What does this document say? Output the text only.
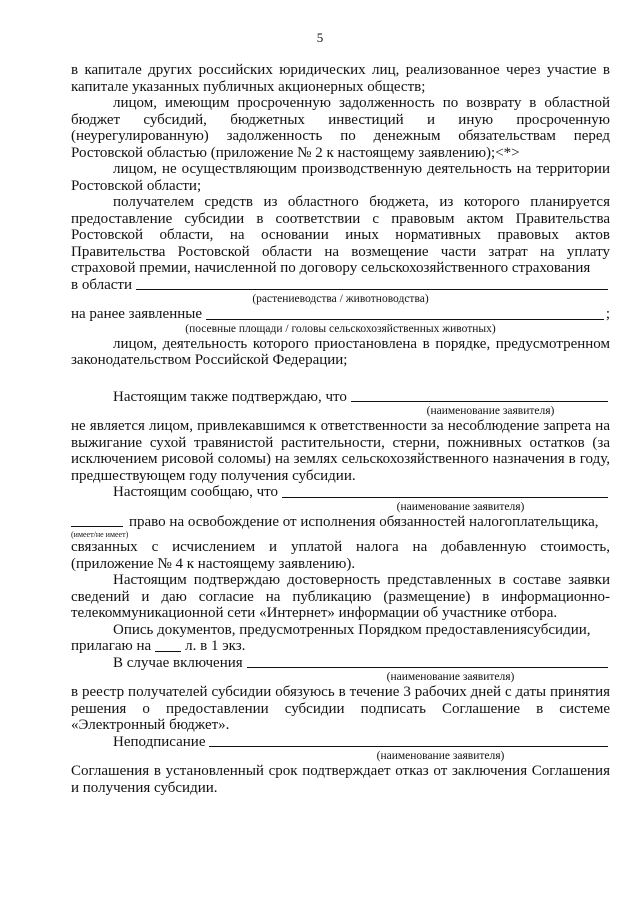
5

в капитале других российских юридических лиц, реализованное через участие в капитале указанных публичных акционерных обществ;

лицом, имеющим просроченную задолженность по возврату в областной бюджет субсидий, бюджетных инвестиций и иную просроченную (неурегулированную) задолженность по денежным обязательствам перед Ростовской областью (приложение № 2 к настоящему заявлению);<*>

лицом, не осуществляющим производственную деятельность на территории Ростовской области;

получателем средств из областного бюджета, из которого планируется предоставление субсидии в соответствии с правовым актом Правительства Ростовской области, на основании иных нормативных правовых актов Правительства Ростовской области на возмещение части затрат на уплату страховой премии, начисленной по договору сельскохозяйственного страхования

в области
(растениеводства / животноводства)
на ранее заявленные	;
(посевные площади / головы сельскохозяйственных животных)

лицом, деятельность которого приостановлена в порядке, предусмотренном законодательством Российской Федерации;

Настоящим также подтверждаю, что
(наименование заявителя)

не является лицом, привлекавшимся к ответственности за несоблюдение запрета на выжигание сухой травянистой растительности, стерни, пожнивных остатков (за исключением рисовой соломы) на землях сельскохозяйственного назначения в году, предшествующем году получения субсидии.

Настоящим сообщаю, что
(наименование заявителя)
право на освобождение от исполнения обязанностей налогоплательщика,
(имеет/не имеет)

связанных с исчислением и уплатой налога на добавленную стоимость, (приложение № 4 к настоящему заявлению).

Настоящим подтверждаю достоверность представленных в составе заявки сведений и даю согласие на публикацию (размещение) в информационно-телекоммуникационной сети «Интернет» информации об участнике отбора.

Опись документов, предусмотренных Порядком предоставлениясубсидии,

прилагаю на л. в 1 экз.
В случае включения
(наименование заявителя)

в реестр получателей субсидии обязуюсь в течение 3 рабочих дней с даты принятия решения о предоставлении субсидии подписать Соглашение в системе «Электронный бюджет».

Неподписание
(наименование заявителя)

Соглашения в установленный срок подтверждает отказ от заключения Соглашения и получения субсидии.
